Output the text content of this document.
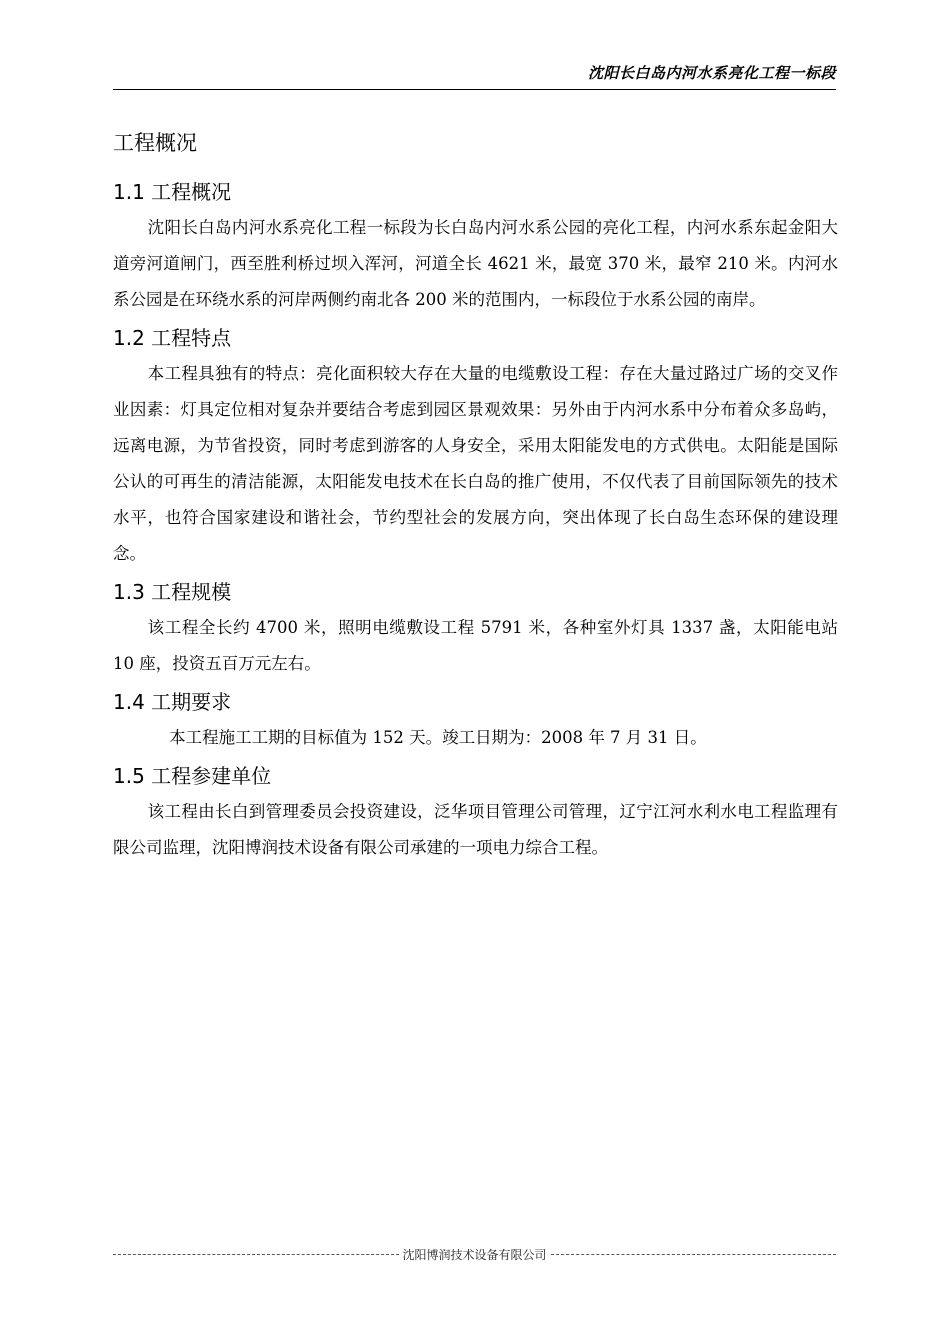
沈阳长白岛内河水系亮化工程一标段
工程概况
1.1 工程概况

沈阳长白岛内河水系亮化工程一标段为长白岛内河水系公园的亮化工程，内河水系东起金阳大道旁河道闸门，西至胜利桥过坝入浑河，河道全长 4621 米，最宽 370 米，最窄 210 米。内河水系公园是在环绕水系的河岸两侧约南北各 200 米的范围内，一标段位于水系公园的南岸。

1.2 工程特点

本工程具独有的特点：亮化面积较大存在大量的电缆敷设工程：存在大量过路过广场的交叉作业因素：灯具定位相对复杂并要结合考虑到园区景观效果：另外由于内河水系中分布着众多岛屿，远离电源，为节省投资，同时考虑到游客的人身安全，采用太阳能发电的方式供电。太阳能是国际公认的可再生的清洁能源，太阳能发电技术在长白岛的推广使用，不仅代表了目前国际领先的技术水平，也符合国家建设和谐社会，节约型社会的发展方向，突出体现了长白岛生态环保的建设理念。

1.3 工程规模

该工程全长约 4700 米，照明电缆敷设工程 5791 米，各种室外灯具 1337 盏，太阳能电站 10 座，投资五百万元左右。

1.4 工期要求

本工程施工工期的目标值为 152 天。竣工日期为：2008 年 7 月 31 日。

1.5 工程参建单位

该工程由长白到管理委员会投资建设，泛华项目管理公司管理，辽宁江河水利水电工程监理有限公司监理，沈阳博润技术设备有限公司承建的一项电力综合工程。

沈阳博润技术设备有限公司
